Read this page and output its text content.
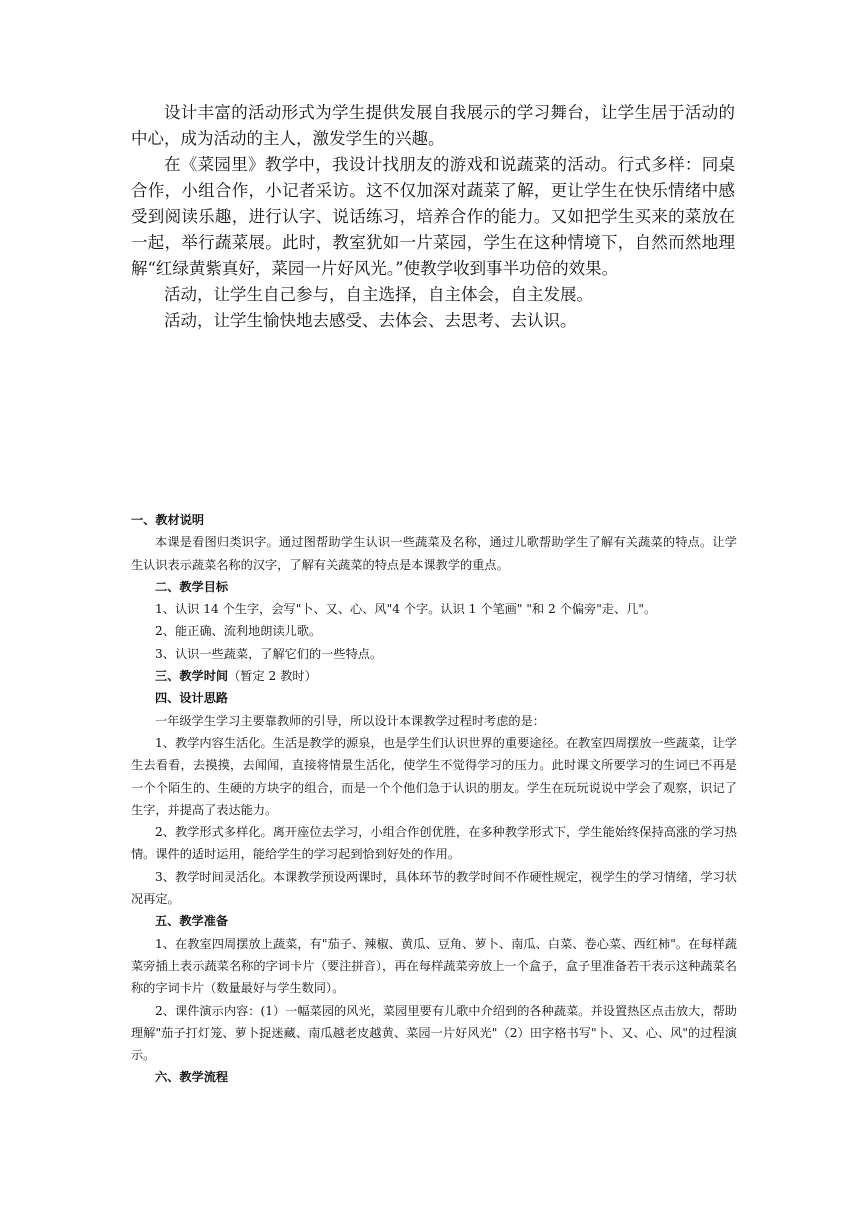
设计丰富的活动形式为学生提供发展自我展示的学习舞台，让学生居于活动的中心，成为活动的主人，激发学生的兴趣。

在《菜园里》教学中，我设计找朋友的游戏和说蔬菜的活动。行式多样：同桌合作，小组合作，小记者采访。这不仅加深对蔬菜了解，更让学生在快乐情绪中感受到阅读乐趣，进行认字、说话练习，培养合作的能力。又如把学生买来的菜放在一起，举行蔬菜展。此时，教室犹如一片菜园，学生在这种情境下，自然而然地理解“红绿黄紫真好，菜园一片好风光。”使教学收到事半功倍的效果。

活动，让学生自己参与，自主选择，自主体会，自主发展。

活动，让学生愉快地去感受、去体会、去思考、去认识。

一、教材说明

本课是看图归类识字。通过图帮助学生认识一些蔬菜及名称，通过儿歌帮助学生了解有关蔬菜的特点。让学生认识表示蔬菜名称的汉字，了解有关蔬菜的特点是本课教学的重点。

二、教学目标

1、认识 14 个生字，会写"卜、又、心、风"4 个字。认识 1 个笔画" "和 2 个偏旁"走、几"。

2、能正确、流利地朗读儿歌。

3、认识一些蔬菜，了解它们的一些特点。

三、教学时间（暂定 2 教时）

四、设计思路

一年级学生学习主要靠教师的引导，所以设计本课教学过程时考虑的是：

1、教学内容生活化。生活是教学的源泉，也是学生们认识世界的重要途径。在教室四周摆放一些蔬菜，让学生去看看，去摸摸，去闻闻，直接将情景生活化，使学生不觉得学习的压力。此时课文所要学习的生词已不再是一个个陌生的、生硬的方块字的组合，而是一个个他们急于认识的朋友。学生在玩玩说说中学会了观察，识记了生字，并提高了表达能力。

2、教学形式多样化。离开座位去学习，小组合作创优胜，在多种教学形式下，学生能始终保持高涨的学习热情。课件的适时运用，能给学生的学习起到恰到好处的作用。

3、教学时间灵活化。本课教学预设两课时，具体环节的教学时间不作硬性规定，视学生的学习情绪，学习状况再定。

五、教学准备

1、在教室四周摆放上蔬菜，有"茄子、辣椒、黄瓜、豆角、萝卜、南瓜、白菜、卷心菜、西红柿"。在每样蔬菜旁插上表示蔬菜名称的字词卡片（要注拼音），再在每样蔬菜旁放上一个盒子，盒子里准备若干表示这种蔬菜名称的字词卡片（数量最好与学生数同）。

2、课件演示内容：(1）一幅菜园的风光，菜园里要有儿歌中介绍到的各种蔬菜。并设置热区点击放大，帮助理解"茄子打灯笼、萝卜捉迷藏、南瓜越老皮越黄、菜园一片好风光"（2）田字格书写"卜、又、心、风"的过程演示。

六、教学流程
